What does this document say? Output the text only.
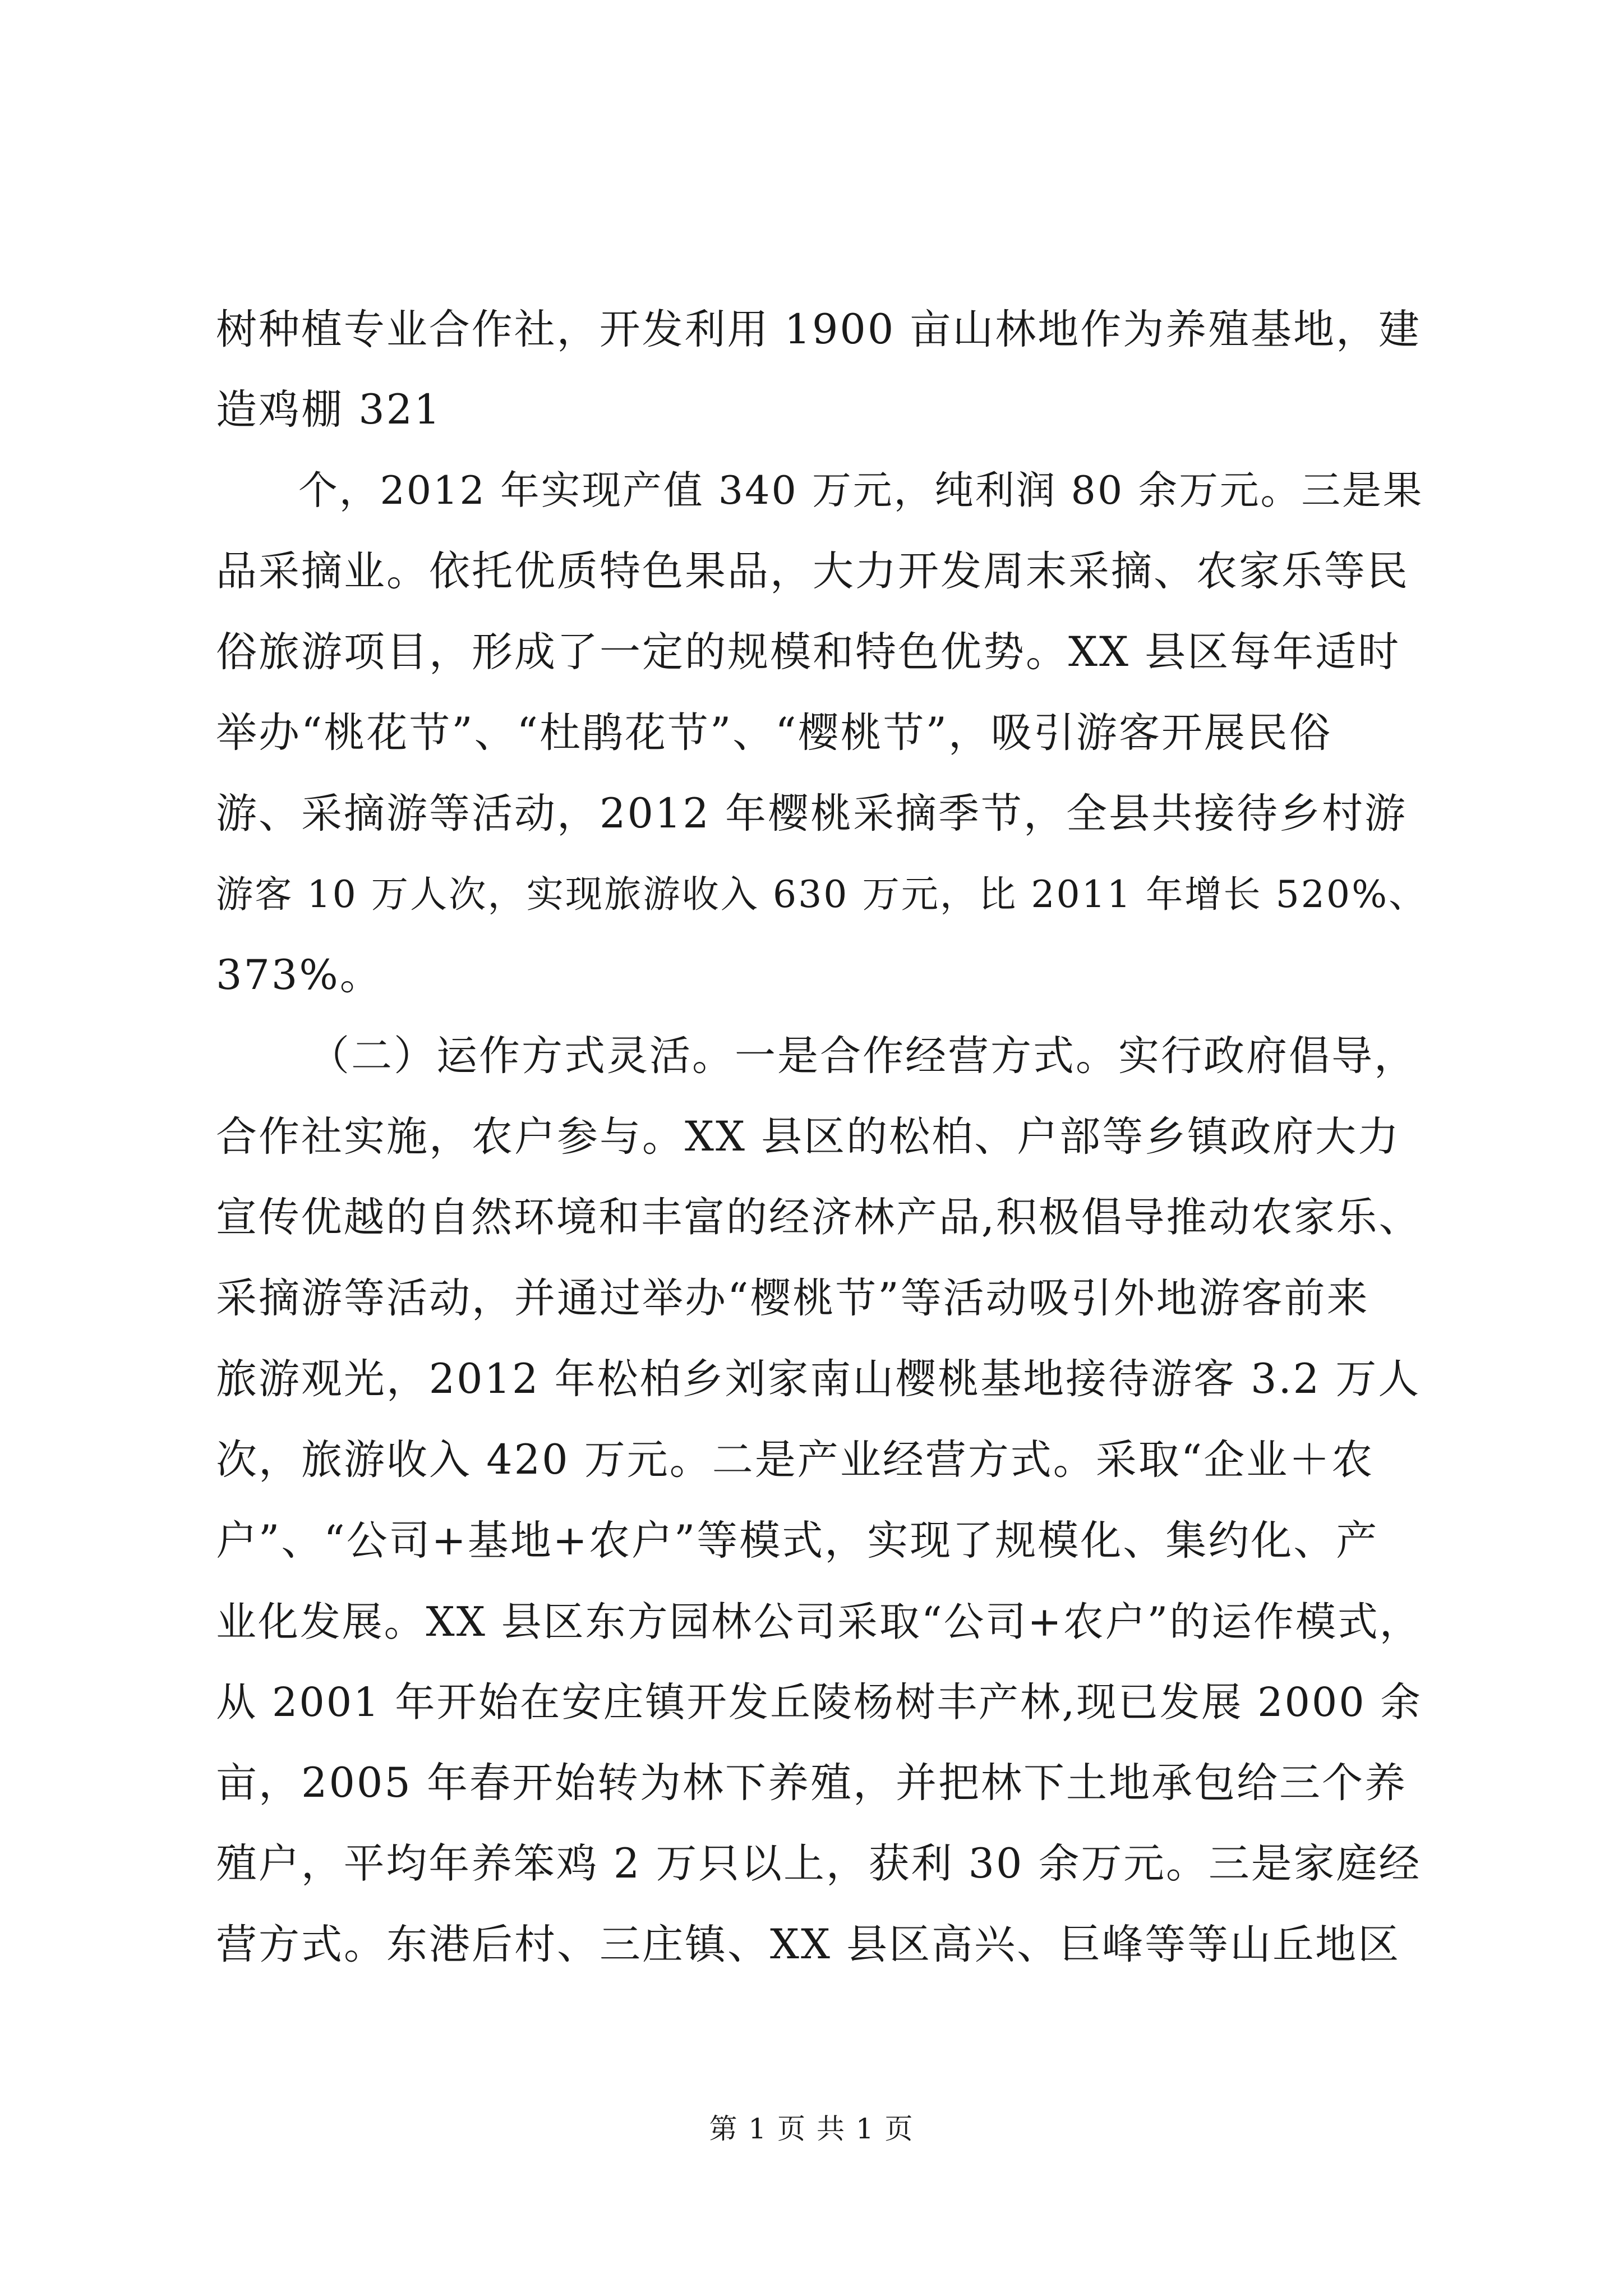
树种植专业合作社，开发利用 1900 亩山林地作为养殖基地，建
造鸡棚 321
个，2012 年实现产值 340 万元，纯利润 80 余万元。三是果
品采摘业。依托优质特色果品，大力开发周末采摘、农家乐等民
俗旅游项目，形成了一定的规模和特色优势。XX 县区每年适时
举办“桃花节”、“杜鹃花节”、“樱桃节”，吸引游客开展民俗
游、采摘游等活动，2012 年樱桃采摘季节，全县共接待乡村游
游客 10 万人次，实现旅游收入 630 万元，比 2011 年增长 520%、
373%。
（二）运作方式灵活。一是合作经营方式。实行政府倡导，
合作社实施，农户参与。XX 县区的松柏、户部等乡镇政府大力
宣传优越的自然环境和丰富的经济林产品,积极倡导推动农家乐、
采摘游等活动，并通过举办“樱桃节”等活动吸引外地游客前来
旅游观光，2012 年松柏乡刘家南山樱桃基地接待游客 3.2 万人
次，旅游收入 420 万元。二是产业经营方式。采取“企业＋农
户”、“公司+基地+农户”等模式，实现了规模化、集约化、产
业化发展。XX 县区东方园林公司采取“公司+农户”的运作模式，
从 2001 年开始在安庄镇开发丘陵杨树丰产林,现已发展 2000 余
亩，2005 年春开始转为林下养殖，并把林下土地承包给三个养
殖户，平均年养笨鸡 2 万只以上，获利 30 余万元。三是家庭经
营方式。东港后村、三庄镇、XX 县区高兴、巨峰等等山丘地区
第 1 页 共 1 页
